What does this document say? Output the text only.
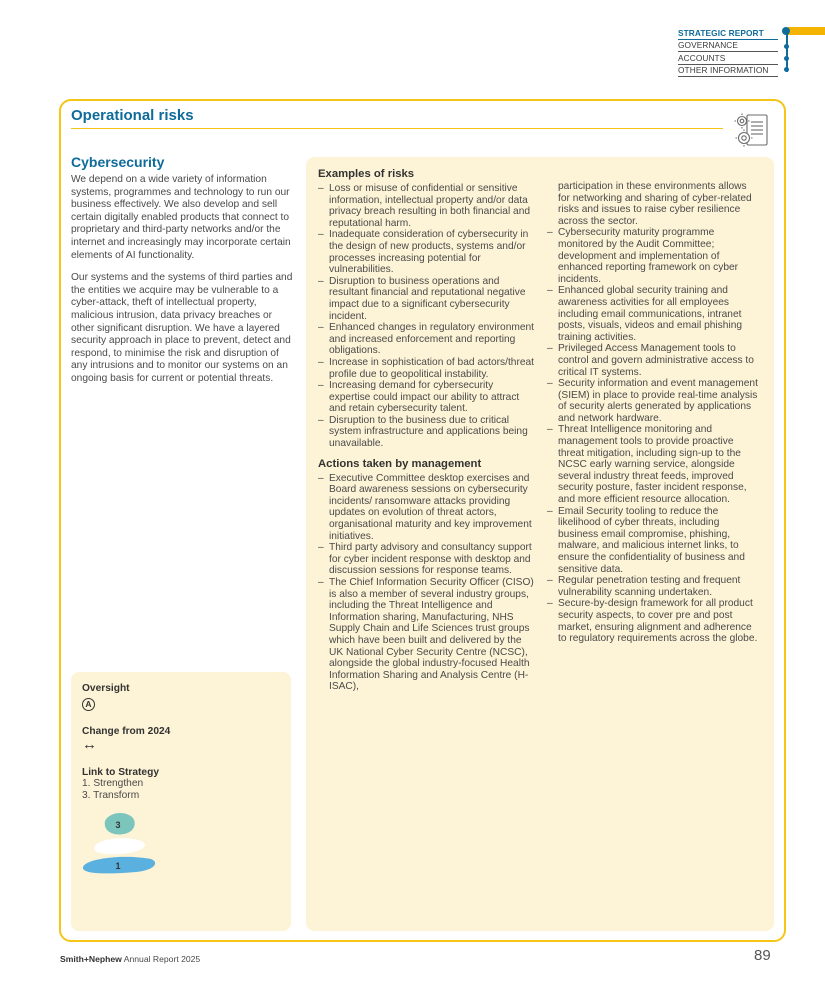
STRATEGIC REPORT
GOVERNANCE
ACCOUNTS
OTHER INFORMATION
Operational risks
Cybersecurity

We depend on a wide variety of information systems, programmes and technology to run our business effectively. We also develop and sell certain digitally enabled products that connect to proprietary and third-party networks and/or the internet and increasingly may incorporate certain elements of AI functionality.

Our systems and the systems of third parties and the entities we acquire may be vulnerable to a cyber-attack, theft of intellectual property, malicious intrusion, data privacy breaches or other significant disruption. We have a layered security approach in place to prevent, detect and respond, to minimise the risk and disruption of any intrusions and to monitor our systems on an ongoing basis for current or potential threats.

Oversight
A
Change from 2024
↔
Link to Strategy
1. Strengthen
3. Transform
3
1
Examples of risks
– Loss or misuse of confidential or sensitive information, intellectual property and/or data privacy breach resulting in both financial and reputational harm.
– Inadequate consideration of cybersecurity in the design of new products, systems and/or processes increasing potential for vulnerabilities.
– Disruption to business operations and resultant financial and reputational negative impact due to a significant cybersecurity incident.
– Enhanced changes in regulatory environment and increased enforcement and reporting obligations.
– Increase in sophistication of bad actors/threat profile due to geopolitical instability.
– Increasing demand for cybersecurity expertise could impact our ability to attract and retain cybersecurity talent.
– Disruption to the business due to critical system infrastructure and applications being unavailable.
Actions taken by management
– Executive Committee desktop exercises and Board awareness sessions on cybersecurity incidents/ ransomware attacks providing updates on evolution of threat actors, organisational maturity and key improvement initiatives.
– Third party advisory and consultancy support for cyber incident response with desktop and discussion sessions for response teams.
– The Chief Information Security Officer (CISO) is also a member of several industry groups, including the Threat Intelligence and Information sharing, Manufacturing, NHS Supply Chain and Life Sciences trust groups which have been built and delivered by the UK National Cyber Security Centre (NCSC), alongside the global industry-focused Health Information Sharing and Analysis Centre (H-ISAC),
participation in these environments allows for networking and sharing of cyber-related risks and issues to raise cyber resilience across the sector.
– Cybersecurity maturity programme monitored by the Audit Committee; development and implementation of enhanced reporting framework on cyber incidents.
– Enhanced global security training and awareness activities for all employees including email communications, intranet posts, visuals, videos and email phishing training activities.
– Privileged Access Management tools to control and govern administrative access to critical IT systems.
– Security information and event management (SIEM) in place to provide real-time analysis of security alerts generated by applications and network hardware.
– Threat Intelligence monitoring and management tools to provide proactive threat mitigation, including sign-up to the NCSC early warning service, alongside several industry threat feeds, improved security posture, faster incident response, and more efficient resource allocation.
– Email Security tooling to reduce the likelihood of cyber threats, including business email compromise, phishing, malware, and malicious internet links, to ensure the confidentiality of business and sensitive data.
– Regular penetration testing and frequent vulnerability scanning undertaken.
– Secure-by-design framework for all product security aspects, to cover pre and post market, ensuring alignment and adherence to regulatory requirements across the globe.
Smith+Nephew Annual Report 2025	89
